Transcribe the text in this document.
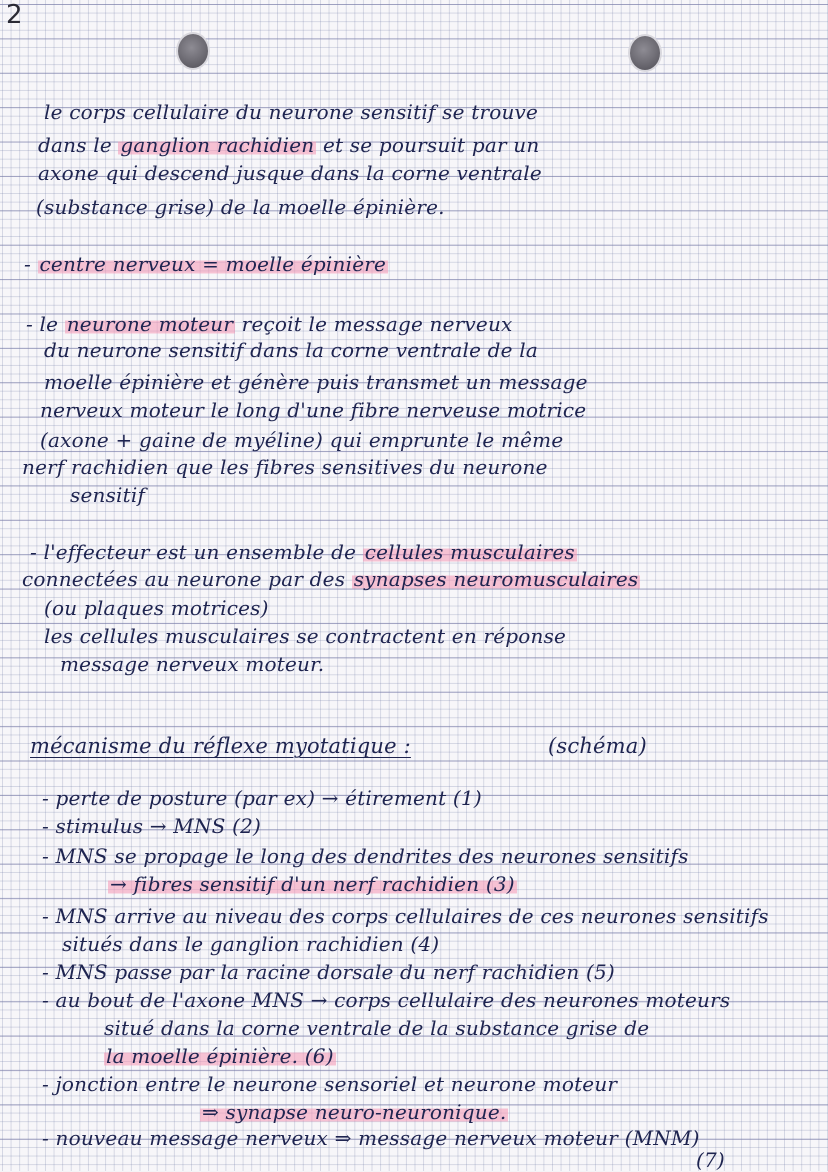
2
le corps cellulaire du neurone sensitif se trouve
dans le ganglion rachidien et se poursuit par un
axone qui descend jusque dans la corne ventrale
(substance grise) de la moelle épinière.
- centre nerveux = moelle épinière
- le neurone moteur reçoit le message nerveux
du neurone sensitif dans la corne ventrale de la
moelle épinière et génère puis transmet un message
nerveux moteur le long d'une fibre nerveuse motrice
(axone + gaine de myéline) qui emprunte le même
nerf rachidien que les fibres sensitives du neurone
sensitif
- l'effecteur est un ensemble de cellules musculaires
connectées au neurone par des synapses neuromusculaires
(ou plaques motrices)
les cellules musculaires se contractent en réponse
message nerveux moteur.
mécanisme du réflexe myotatique :	(schéma)
- perte de posture (par ex) → étirement (1)
- stimulus → MNS (2)
- MNS se propage le long des dendrites des neurones sensitifs
→ fibres sensitif d'un nerf rachidien (3)
- MNS arrive au niveau des corps cellulaires de ces neurones sensitifs
situés dans le ganglion rachidien (4)
- MNS passe par la racine dorsale du nerf rachidien (5)
- au bout de l'axone MNS → corps cellulaire des neurones moteurs
situé dans la corne ventrale de la substance grise de
la moelle épinière. (6)
- jonction entre le neurone sensoriel et neurone moteur
⇒ synapse neuro-neuronique.
- nouveau message nerveux ⇒ message nerveux moteur (MNM)
(7)
